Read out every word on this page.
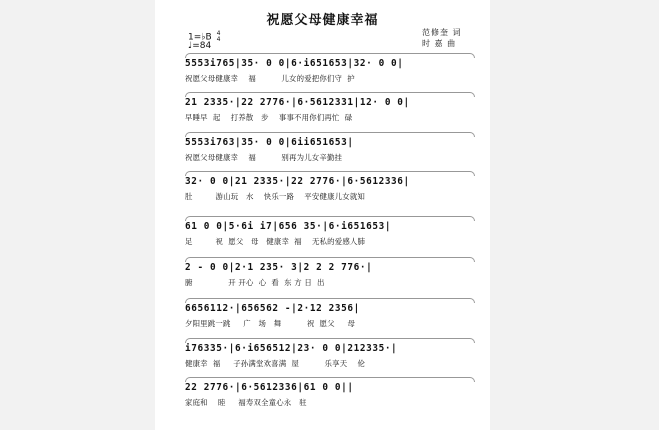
祝愿父母健康幸福
1=♭B 4
4
♩=84
范修奎 词
时 嘉 曲
5553i765|35· 0 0|6·i651653|32· 0 0|
祝愿父母健康幸    福          儿女的爱把你们守  护
21 2335·|22 2776·|6·5612331|12· 0 0|
早睡早  起    打养散   步    事事不用你们再忙  碌
5553i763|35· 0 0|6ii651653|
祝愿父母健康幸    福          别再为儿女辛勤挂
32· 0 0|21 2335·|22 2776·|6·5612336|
肚         游山玩   水    快乐一路    平安健康儿女就知
61 0 0|5·6i i7|656 35·|6·i651653|
足         祝  愿父   母   健康幸  福    无私的爱感人肺
2 - 0 0|2·1 235· 3|2 2 2 776·|
腑              开 开心  心  看  东 方 日  出
6656112·|656562 -|2·12 2356|
夕阳里跳一跳     广   场   舞          祝  愿父     母
i76335·|6·i656512|23· 0 0|212335·|
健康幸  福     子孙满堂欢喜满  屋          乐享天    伦
22 2776·|6·5612336|61 0 0||
家庭和    睦     福寿双全童心永   驻
